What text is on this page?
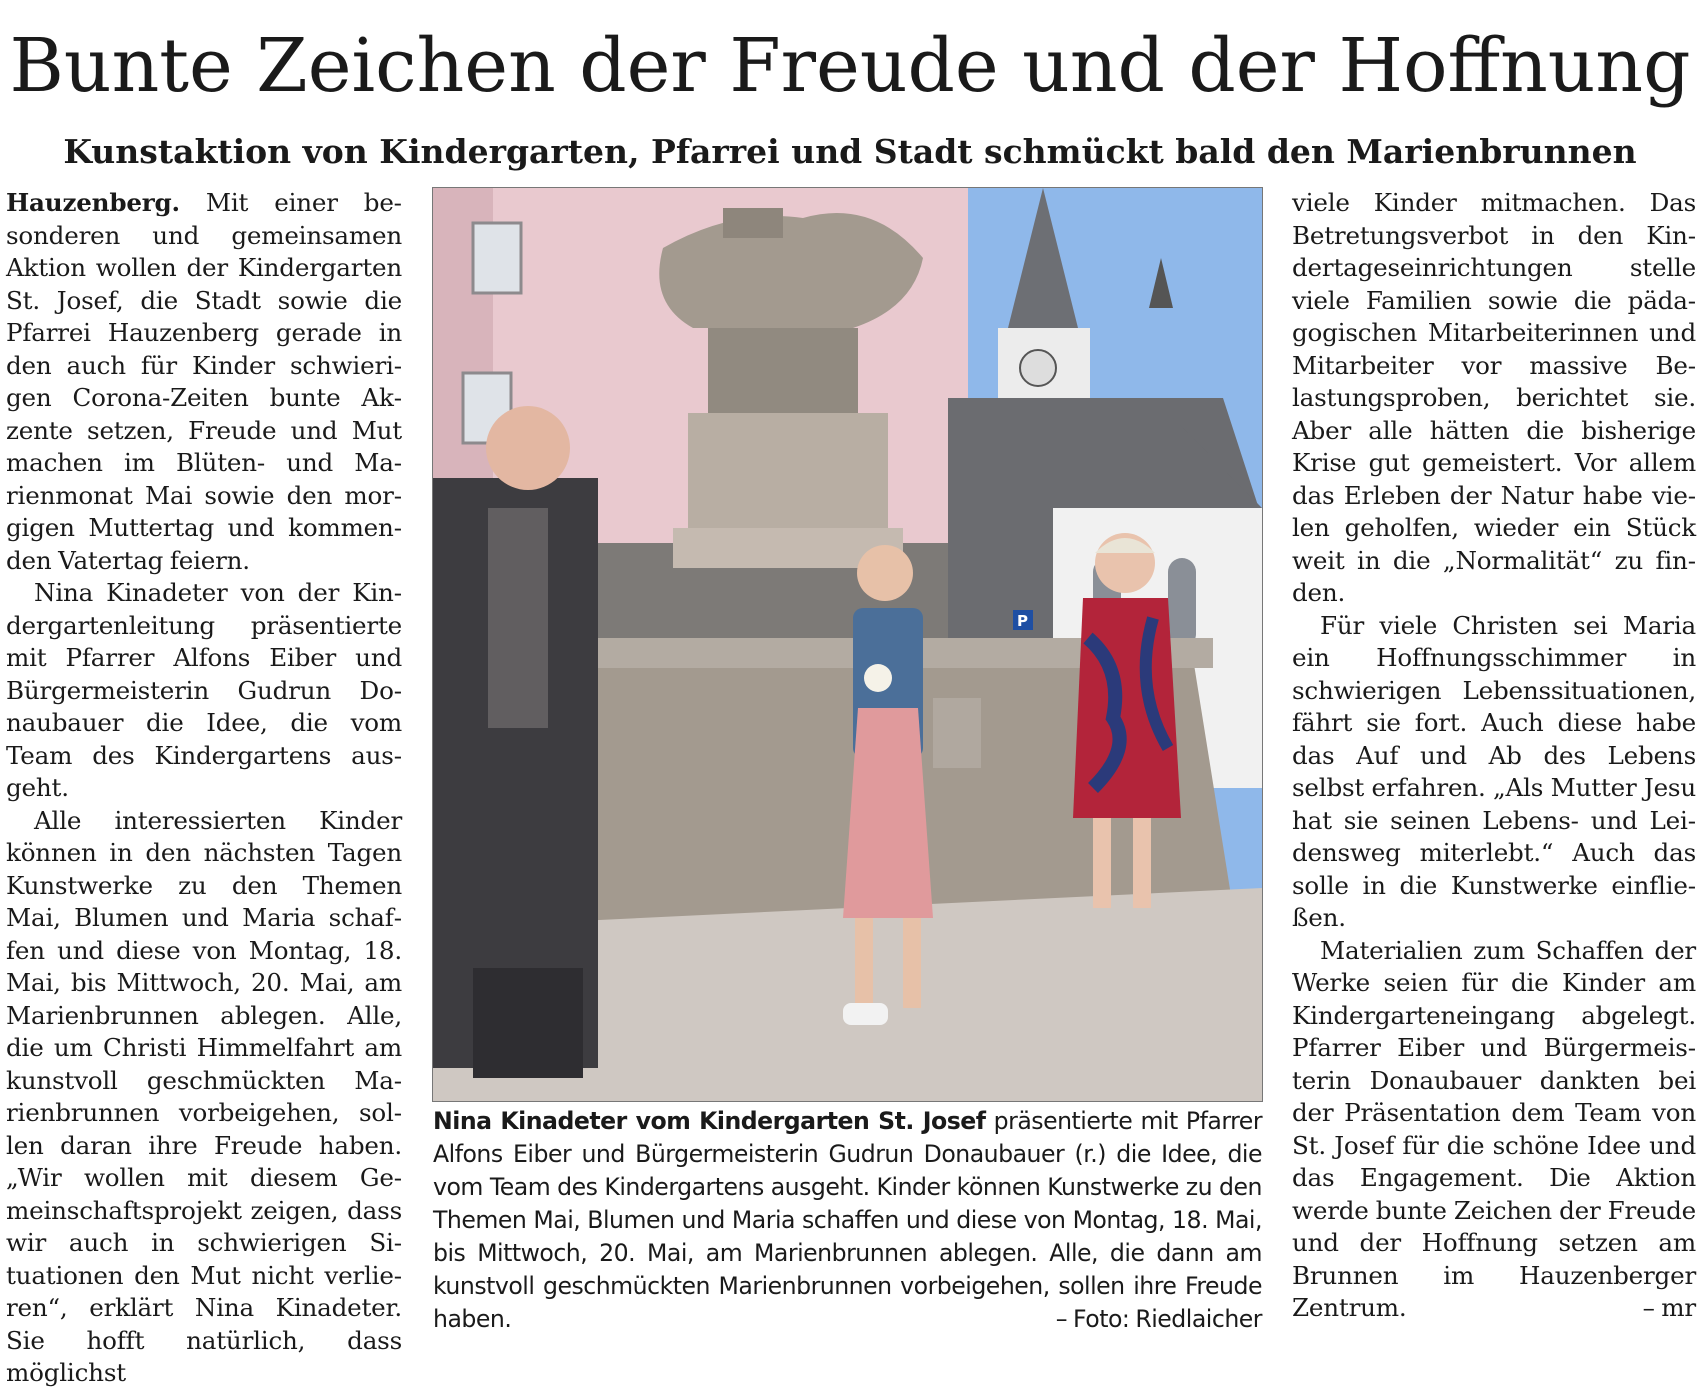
Bunte Zeichen der Freude und der Hoffnung
Kunstaktion von Kindergarten, Pfarrei und Stadt schmückt bald den Marienbrunnen

Hauzenberg. Mit einer besonderen und gemeinsamen Aktion wollen der Kindergarten St. Josef, die Stadt sowie die Pfarrei Hauzenberg gerade in den auch für Kinder schwierigen Corona-Zeiten bunte Akzente setzen, Freude und Mut machen im Blüten- und Marienmonat Mai sowie den morgigen Muttertag und kommenden Vatertag feiern.

Nina Kinadeter von der Kindergartenleitung präsentierte mit Pfarrer Alfons Eiber und Bürgermeisterin Gudrun Donaubauer die Idee, die vom Team des Kindergartens ausgeht.

Alle interessierten Kinder können in den nächsten Tagen Kunstwerke zu den Themen Mai, Blumen und Maria schaffen und diese von Montag, 18. Mai, bis Mittwoch, 20. Mai, am Marienbrunnen ablegen. Alle, die um Christi Himmelfahrt am kunstvoll geschmückten Marienbrunnen vorbeigehen, sollen daran ihre Freude haben. „Wir wollen mit diesem Gemeinschaftsprojekt zeigen, dass wir auch in schwierigen Situationen den Mut nicht verlieren“, erklärt Nina Kinadeter. Sie hofft natürlich, dass möglichst

P
Nina Kinadeter vom Kindergarten St. Josef präsentierte mit Pfarrer Alfons Eiber und Bürgermeisterin Gudrun Donaubauer (r.) die Idee, die vom Team des Kindergartens ausgeht. Kinder können Kunstwerke zu den Themen Mai, Blumen und Maria schaffen und diese von Montag, 18. Mai, bis Mittwoch, 20. Mai, am Marienbrunnen ablegen. Alle, die dann am kunstvoll geschmückten Marienbrunnen vorbeigehen, sollen ihre Freude haben.	– Foto: Riedlaicher

viele Kinder mitmachen. Das Betretungsverbot in den Kindertageseinrichtungen stelle viele Familien sowie die pädagogischen Mitarbeiterinnen und Mitarbeiter vor massive Belastungsproben, berichtet sie. Aber alle hätten die bisherige Krise gut gemeistert. Vor allem das Erleben der Natur habe vielen geholfen, wieder ein Stück weit in die „Normalität“ zu finden.

Für viele Christen sei Maria ein Hoffnungsschimmer in schwierigen Lebenssituationen, fährt sie fort. Auch diese habe das Auf und Ab des Lebens selbst erfahren. „Als Mutter Jesu hat sie seinen Lebens- und Leidensweg miterlebt.“ Auch das solle in die Kunstwerke einfließen.

Materialien zum Schaffen der Werke seien für die Kinder am Kindergarteneingang abgelegt. Pfarrer Eiber und Bürgermeisterin Donaubauer dankten bei der Präsentation dem Team von St. Josef für die schöne Idee und das Engagement. Die Aktion werde bunte Zeichen der Freude und der Hoffnung setzen am Brunnen im Hauzenberger Zentrum.	– mr
